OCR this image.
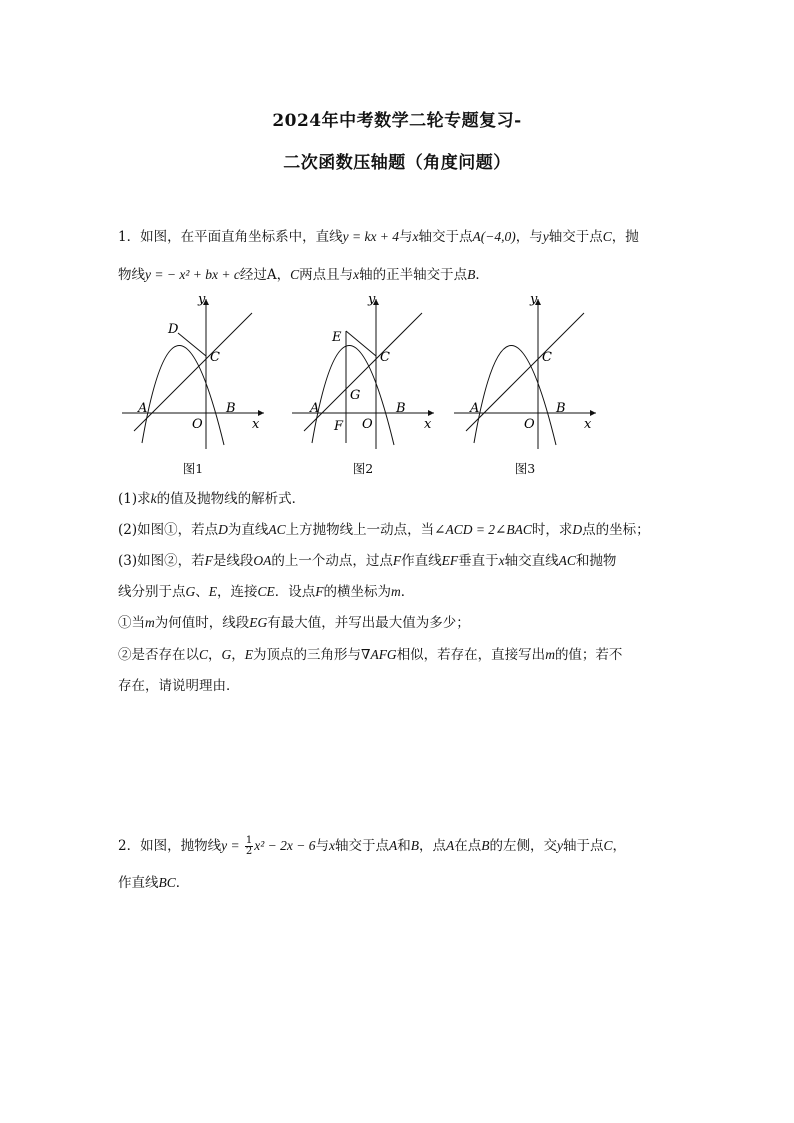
2024年中考数学二轮专题复习-
二次函数压轴题（角度问题）
1．如图，在平面直角坐标系中，直线y = kx + 4与x轴交于点A(−4,0)，与y轴交于点C，抛
物线y = − x² + bx + c经过A，C两点且与x轴的正半轴交于点B．
y
x
O
A	B
C
D
图1
y
x
O
A	B
C
E
G
F
图2
y
x
O
A	B
C
图3
(1)求k的值及抛物线的解析式．
(2)如图①，若点D为直线AC上方抛物线上一动点，当∠ACD = 2∠BAC时，求D点的坐标；
(3)如图②，若F是线段OA的上一个动点，过点F作直线EF垂直于x轴交直线AC和抛物
线分别于点G、E，连接CE．设点F的横坐标为m．
①当m为何值时，线段EG有最大值，并写出最大值为多少；
②是否存在以C，G，E为顶点的三角形与∇AFG相似，若存在，直接写出m的值；若不
存在，请说明理由．
2．如图，抛物线$y = \frac{1}{2} x^2 - 2x - 6$与x轴交于点A和B，点A在点B的左侧，交y轴于点C，
作直线BC．
